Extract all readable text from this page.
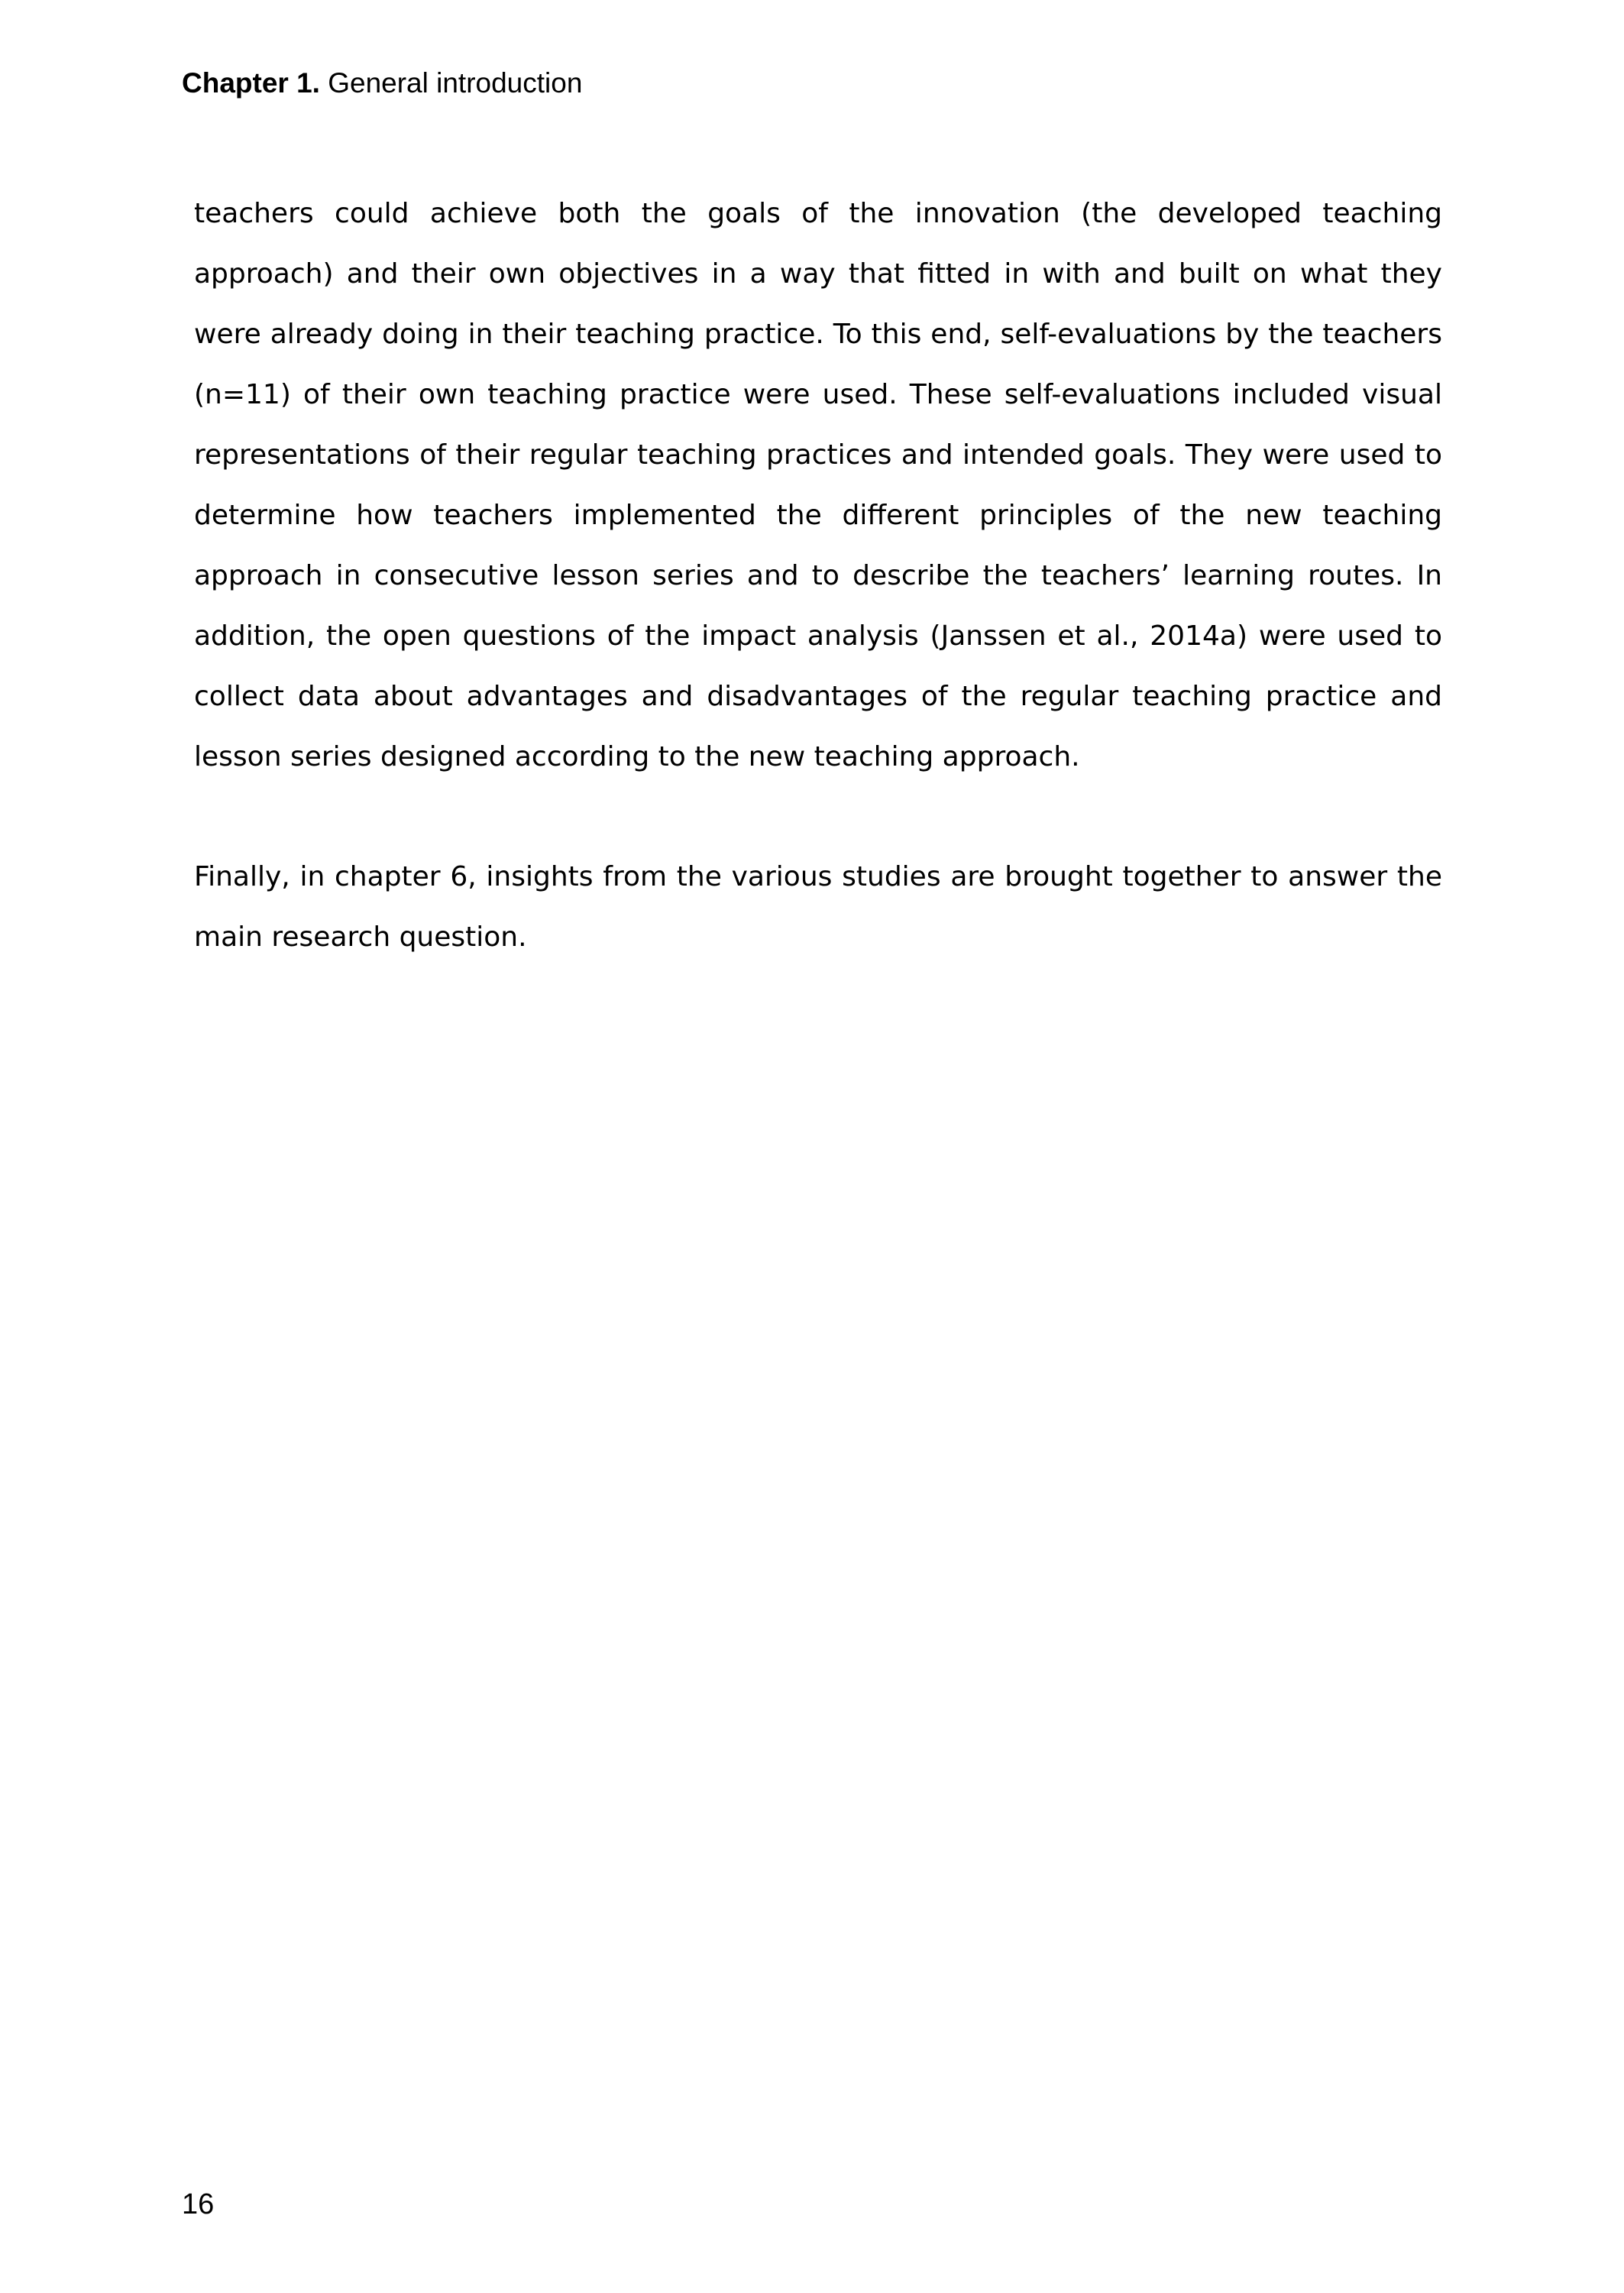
Chapter 1. General introduction

teachers could achieve both the goals of the innovation (the developed teaching approach) and their own objectives in a way that fitted in with and built on what they were already doing in their teaching practice. To this end, self-evaluations by the teachers (n=11) of their own teaching practice were used. These self-evaluations included visual representations of their regular teaching practices and intended goals. They were used to determine how teachers implemented the different principles of the new teaching approach in consecutive lesson series and to describe the teachers’ learning routes. In addition, the open questions of the impact analysis (Janssen et al., 2014a) were used to collect data about advantages and disadvantages of the regular teaching practice and lesson series designed according to the new teaching approach.

Finally, in chapter 6, insights from the various studies are brought together to answer the main research question.

16
